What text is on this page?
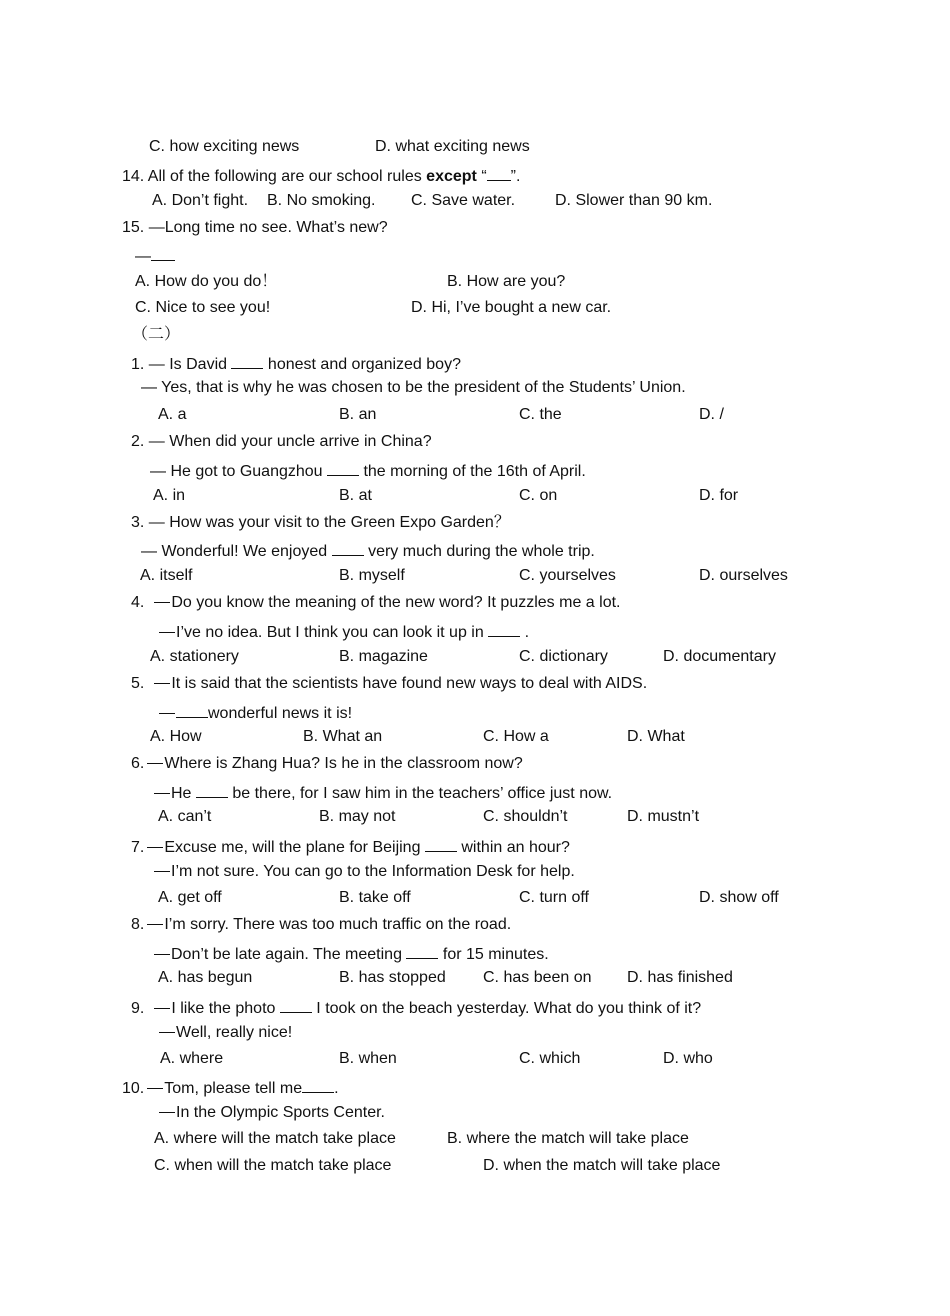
C. how exciting news	D. what exciting news
14. All of the following are our school rules except “ ”.
A. Don’t fight. B. No smoking. C. Save water. D. Slower than 90 km.
15. —Long time no see. What’s new?
—
A. How do you do！	B. How are you?
C. Nice to see you!	D. Hi, I’ve bought a new car.
（二）
1. — Is David  honest and organized boy?
— Yes, that is why he was chosen to be the president of the Students’ Union.
A. a	B. an	C. the	D. /
2. — When did your uncle arrive in China?
— He got to Guangzhou  the morning of the 16th of April.
A. in	B. at	C. on	D. for
3. — How was your visit to the Green Expo Garden？
— Wonderful! We enjoyed  very much during the whole trip.
A. itself	B. myself	C. yourselves	D. ourselves
4. Do you know the meaning of the new word? It puzzles me a lot.
I’ve no idea. But I think you can look it up in  .
A. stationery	B. magazine	C. dictionary	D. documentary
5. It is said that the scientists have found new ways to deal with AIDS.
wonderful news it is!
A. How	B. What an	C. How a	D. What
6. Where is Zhang Hua? Is he in the classroom now?
He  be there, for I saw him in the teachers’ office just now.
A. can’t	B. may not	C. shouldn’t	D. mustn’t
7. Excuse me, will the plane for Beijing  within an hour?
I’m not sure. You can go to the Information Desk for help.
A. get off	B. take off	C. turn off	D. show off
8. I’m sorry. There was too much traffic on the road.
Don’t be late again. The meeting  for 15 minutes.
A. has begun	B. has stopped C. has been on D. has finished
9. I like the photo  I took on the beach yesterday. What do you think of it?
Well, really nice!
A. where	B. when	C. which	D. who
10. Tom, please tell me .
In the Olympic Sports Center.
A. where will the match take place	B. where the match will take place
C. when will the match take place	D. when the match will take place
